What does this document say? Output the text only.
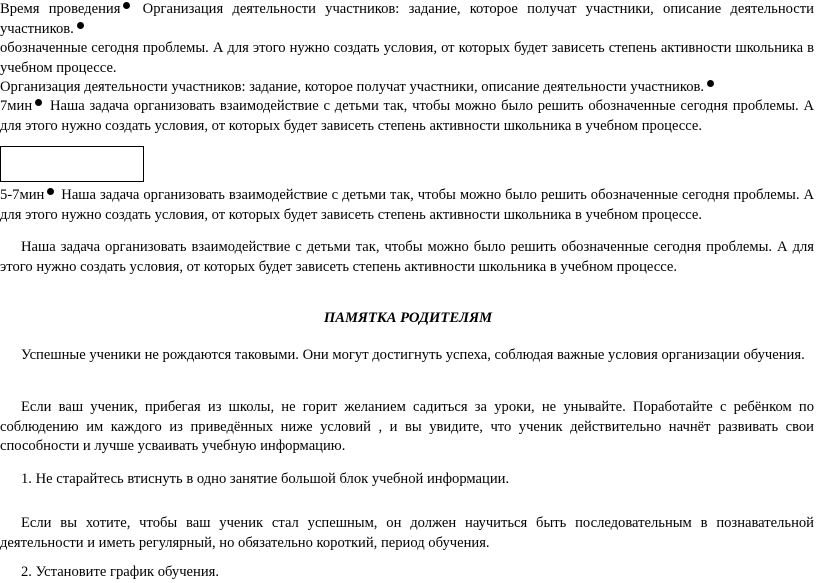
Время проведения Организация деятельности участников: задание, которое получат участники, описание деятельности участников.

обозначенные сегодня проблемы. А для этого нужно создать условия, от которых будет зависеть степень активности школьника в учебном процессе.

Организация деятельности участников: задание, которое получат участники, описание деятельности участников.

7мин Наша задача организовать взаимодействие с детьми так, чтобы можно было решить обозначенные сегодня проблемы. А для этого нужно создать условия, от которых будет зависеть степень активности школьника в учебном процессе.

5-7мин Наша задача организовать взаимодействие с детьми так, чтобы можно было решить обозначенные сегодня проблемы. А для этого нужно создать условия, от которых будет зависеть степень активности школьника в учебном процессе.

Наша задача организовать взаимодействие с детьми так, чтобы можно было решить обозначенные сегодня проблемы. А для этого нужно создать условия, от которых будет зависеть степень активности школьника в учебном процессе.

ПАМЯТКА РОДИТЕЛЯМ

Успешные ученики не рождаются таковыми. Они могут достигнуть успеха, соблюдая важные условия организации обучения.

Если ваш ученик, прибегая из школы, не горит желанием садиться за уроки, не унывайте. Поработайте с ребёнком по соблюдению им каждого из приведённых ниже условий , и вы увидите, что ученик действительно начнёт развивать свои способности и лучше усваивать учебную информацию.

1. Не старайтесь втиснуть в одно занятие большой блок учебной информации.

Если вы хотите, чтобы ваш ученик стал успешным, он должен научиться быть последовательным в познавательной деятельности и иметь регулярный, но обязательно короткий, период обучения.

2. Установите график обучения.
